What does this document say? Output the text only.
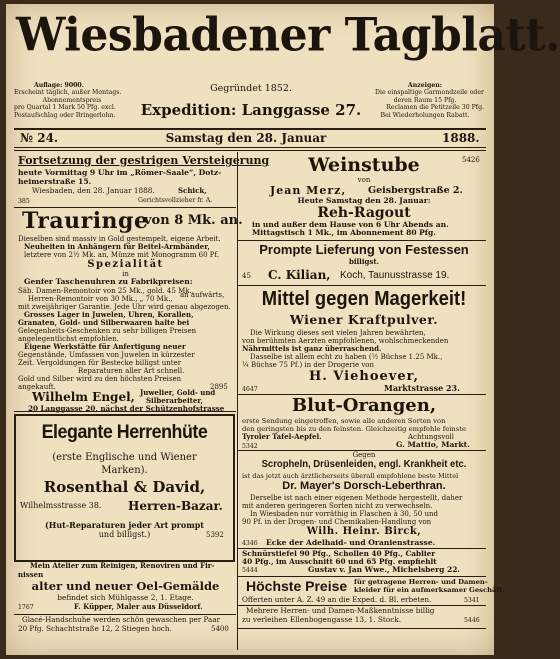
Wiesbadener Tagblatt.
Auflage: 9000.
Erscheint täglich, außer Montags.
Abonnementspreis
pro Quartal 1 Mark 50 Pfg. excl.
Postaufschlag oder Bringerlohn.
Gegründet 1852.
Expedition: Langgasse 27.
Anzeigen:
Die einspaltige Garmondzeile oder
deren Raum 15 Pfg.
Reclamen die Petitzeile 30 Pfg.
Bei Wiederholungen Rabatt.
№ 24.	Samstag den 28. Januar	1888.
Fortsetzung der gestrigen Versteigerung
heute Vormittag 9 Uhr im „Römer-Saale“, Dotz-
heimerstraße 15.
Wiesbaden, den 28. Januar 1888.	Schick,
385	Gerichtsvollzieher fr. A.
Trauringe
von 8 Mk. an.
Dieselben sind massiv in Gold gestempelt, eigene Arbeit.
Neuheiten in Anhängern für Beitel-Armbänder,
letztere von 2½ Mk. an, Münze mit Monogramm 60 Pf.
Spezialität
in
Genfer Taschenuhren zu Fabrikpreisen:
Säb. Damen-Remontoir von 25 Mk., gold. 45 Mk.,
an aufwärts,
Herren-Remontoir von 30 Mk., „ 70 Mk.,
mit zweijähriger Garantie. Jede Uhr wird genau abgezogen.
Grosses Lager in Juwelen, Uhren, Korallen,
Granaten, Gold- und Silberwaaren halte bei
Gelegenheits-Geschenken zu sehr billigen Preisen
angelegentlichst empfohlen.
Eigene Werkstätte für Anfertigung neuer
Gegenstände, Umfassen von Juwelen in kürzester
Zeit. Vergoldungen für Bestecke billigst unter
Reparaturen aller Art schnell.
Gold und Silber wird zu den höchsten Preisen
angekauft.	2895
Wilhelm Engel, Juwelier, Gold- und
Silberarbeiter,
20 Langgasse 20, nächst der Schützenhofstrasse
Elegante Herrenhüte
(erste Englische und Wiener
Marken).
Rosenthal & David,
Wilhelmsstrasse 38. Herren-Bazar.
(Hut-Reparaturen jeder Art prompt
und billigst.)	5392
Mein Atelier zum Reinigen, Renoviren und Fir-
nissen
alter und neuer Oel-Gemälde
befindet sich Mühlgasse 2, 1. Etage.
1767	F. Küpper, Maler aus Düsseldorf.
Glacé-Handschuhe werden schön gewaschen per Paar
20 Pfg. Schachtstraße 12, 2 Stiegen hoch.	5400
Weinstube	5426
von
Jean Merz, Geisbergstraße 2.
Heute Samstag den 28. Januar:
Reh-Ragout
in und außer dem Hause von 6 Uhr Abends an.
Mittagstisch 1 Mk., im Abonnement 80 Pfg.
Prompte Lieferung von Festessen
billigst.
45 C. Kilian, Koch, Taunusstrasse 19.
Mittel gegen Magerkeit!
Wiener Kraftpulver.
Die Wirkung dieses seit vielen Jahren bewährten,
von berühmten Aerzten empfohlenen, wohlschmeckenden
Nährmittels ist ganz überraschend.
Dasselbe ist allein echt zu haben (½ Büchse 1.25 Mk.,
¼ Büchse 75 Pf.) in der Drogerie von
H. Viehoever,
4647	Marktstrasse 23.
Blut-Orangen,
erste Sendung eingetroffen, sowie alle anderen Sorten von
den geringsten bis zu den feinsten. Gleichzeitig empfehle feinste
Tyroler Tafel-Aepfel.	Achtungsvoll
5342	G. Mattio, Markt.
Gegen
Scropheln, Drüsenleiden, engl. Krankheit etc.
ist das jetzt auch ärztlicherseits überall empfohlene beste Mittel
Dr. Mayer's Dorsch-Leberthran.
Derselbe ist nach einer eigenen Methode hergestellt, daher
mit anderen geringeren Sorten nicht zu verwechseln.
In Wiesbaden nur vorräthig in Flaschen à 30, 50 und
90 Pf. in der Drogen- und Chemikalien-Handlung von
Wilh. Heinr. Birck,
4346 Ecke der Adelhaid- und Oranienstrasse.
Schnürstiefel 90 Pfg., Schollen 40 Pfg., Cablier
40 Pfg., im Ausschnitt 60 und 65 Pfg. empfiehlt
5444	Gustav v. Jan Wwe., Michelsberg 22.
Höchste Preise für getragene Herren- und Damen-
kleider für ein aufmerksamer Geschäft.
Offerten unter A. Z. 49 an die Exped. d. Bl. erbeten.	5341
Mehrere Herren- und Damen-Maßkenntnisse billig
zu verleihen Ellenbogengasse 13, 1. Stock.	5446
